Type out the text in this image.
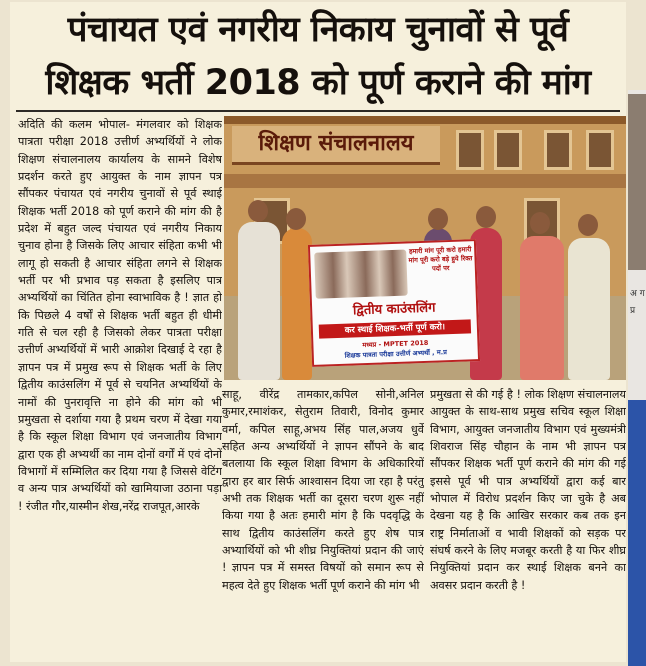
पंचायत एवं नगरीय निकाय चुनावों से पूर्व
शिक्षक भर्ती 2018 को पूर्ण कराने की मांग
अदिति की कलम भोपाल- मंगलवार को शिक्षक पात्रता परीक्षा 2018 उत्तीर्ण अभ्यर्थियों ने लोक शिक्षण संचालनालय कार्यालय के सामने विशेष प्रदर्शन करते हुए आयुक्त के नाम ज्ञापन पत्र सौंपकर पंचायत एवं नगरीय चुनावों से पूर्व स्थाई शिक्षक भर्ती 2018 को पूर्ण कराने की मांग की है प्रदेश में बहुत जल्द पंचायत एवं नगरीय निकाय चुनाव होना है जिसके लिए आचार संहिता कभी भी लागू हो सकती है आचार संहिता लगने से शिक्षक भर्ती पर भी प्रभाव पड़ सकता है इसलिए पात्र अभ्यर्थियों का चिंतित होना स्वाभाविक है ! ज्ञात हो कि पिछले 4 वर्षों से शिक्षक भर्ती बहुत ही धीमी गति से चल रही है जिसको लेकर पात्रता परीक्षा उत्तीर्ण अभ्यर्थियों में भारी आक्रोश दिखाई दे रहा है ज्ञापन पत्र में प्रमुख रूप से शिक्षक भर्ती के लिए द्वितीय काउंसलिंग में पूर्व से चयनित अभ्यर्थियों के नामों की पुनरावृत्ति ना होने की मांग को भी प्रमुखता से दर्शाया गया है प्रथम चरण में देखा गया है कि स्कूल शिक्षा विभाग एवं जनजातीय विभाग द्वारा एक ही अभ्यर्थी का नाम दोनों वर्गों में एवं दोनों विभागों में सम्मिलित कर दिया गया है जिससे वेटिंग व अन्य पात्र अभ्यर्थियों को खामियाजा उठाना पड़ा ! रंजीत गौर,यास्मीन शेख,नरेंद्र राजपूत,आरके
शिक्षण संचालनालय
हमारी मांग पूरी करो हमारी मांग पूरी करो बड़े हुये रिक्त पदों पर
द्वितीय काउंसलिंग
कर स्थाई शिक्षक-भर्ती पूर्ण करो।
मध्यप्र - MPTET 2018
शिक्षक पात्रता परीक्षा उत्तीर्ण अभ्यर्थी , म.प्र
साहू, वीरेंद्र तामकार,कपिल सोनी,अनिल कुमार,रमाशंकर, सेतुराम तिवारी, विनोद कुमार वर्मा, कपिल साहू,अभय सिंह पाल,अजय धुर्वे सहित अन्य अभ्यर्थियों ने ज्ञापन सौंपने के बाद बतलाया कि स्कूल शिक्षा विभाग के अधिकारियों द्वारा हर बार सिर्फ आश्वासन दिया जा रहा है परंतु अभी तक शिक्षक भर्ती का दूसरा चरण शुरू नहीं किया गया है अतः हमारी मांग है कि पदवृद्धि के साथ द्वितीय काउंसलिंग करते हुए शेष पात्र अभ्यार्थियों को भी शीघ्र नियुक्तियां प्रदान की जाएं ! ज्ञापन पत्र में समस्त विषयों को समान रूप से महत्व देते हुए शिक्षक भर्ती पूर्ण कराने की मांग भी
प्रमुखता से की गई है ! लोक शिक्षण संचालनालय आयुक्त के साथ-साथ प्रमुख सचिव स्कूल शिक्षा विभाग, आयुक्त जनजातीय विभाग एवं मुख्यमंत्री शिवराज सिंह चौहान के नाम भी ज्ञापन पत्र सौंपकर शिक्षक भर्ती पूर्ण कराने की मांग की गई इससे पूर्व भी पात्र अभ्यर्थियों द्वारा कई बार भोपाल में विरोध प्रदर्शन किए जा चुके है अब देखना यह है कि आखिर सरकार कब तक इन राष्ट्र निर्माताओं व भावी शिक्षकों को सड़क पर संघर्ष करने के लिए मजबूर करती है या फिर शीघ्र नियुक्तियां प्रदान कर स्थाई शिक्षक बनने का अवसर प्रदान करती है !
अ ग प्र
